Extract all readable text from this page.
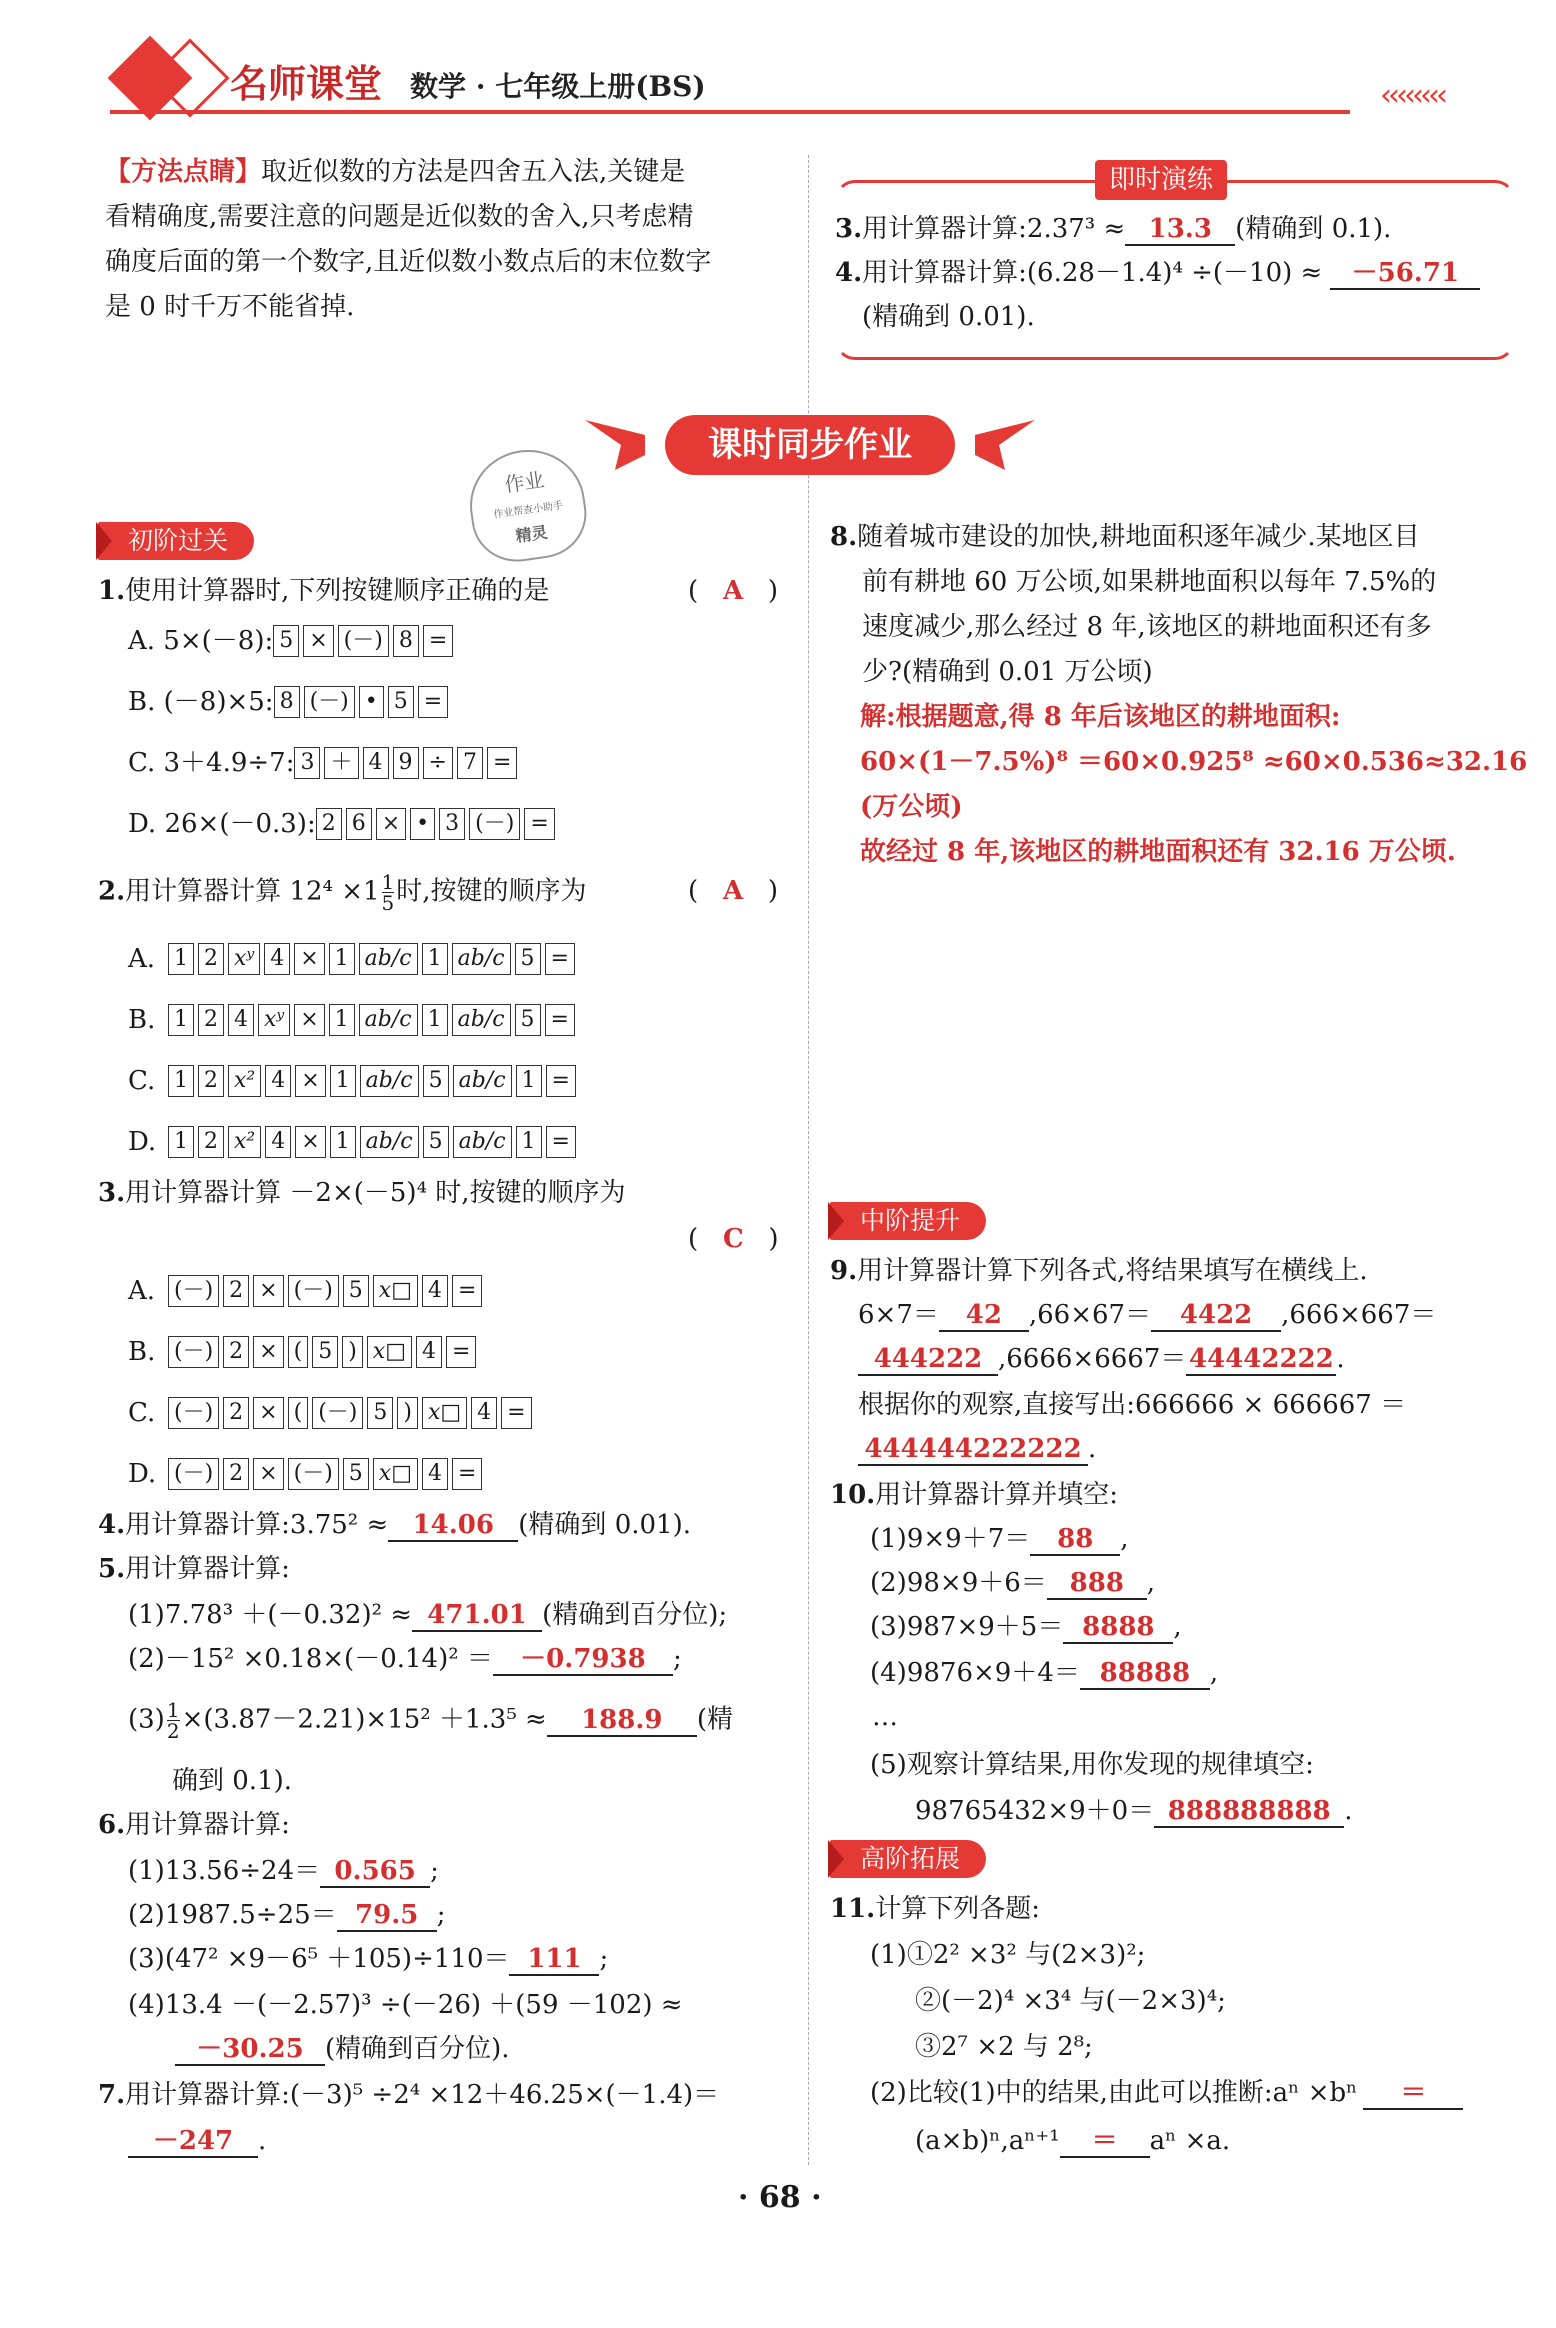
名师课堂 数学 · 七年级上册(BS)	‹‹‹‹‹‹‹‹
【方法点睛】取近似数的方法是四舍五入法,关键是
看精确度,需要注意的问题是近似数的舍入,只考虑精
确度后面的第一个数字,且近似数小数点后的末位数字
是 0 时千万不能省掉.
即时演练
3.用计算器计算:2.37³ ≈ 13.3 (精确到 0.1).
4.用计算器计算:(6.28－1.4)⁴ ÷(－10) ≈ －56.71
(精确到 0.01).
课时同步作业
作业
作业帮查小助手
精灵
初阶过关
1.使用计算器时,下列按键顺序正确的是	(   A   )
A. 5×(－8): 5 × (－) 8 =
B. (－8)×5: 8 (－) • 5 =
C. 3＋4.9÷7: 3 ＋ 4 9 ÷ 7 =
D. 26×(－0.3): 2 6 × • 3 (－) =
2.用计算器计算 $12^4 \times 1 \frac{1}{5}$ 时,按键的顺序为	(   A   )
A. 1 2 xʸ 4 × 1 ab/c 1 ab/c 5 =
B. 1 2 4 xʸ × 1 ab/c 1 ab/c 5 =
C. 1 2 x² 4 × 1 ab/c 5 ab/c 1 =
D. 1 2 x² 4 × 1 ab/c 5 ab/c 1 =
3.用计算器计算 －2×(－5)⁴ 时,按键的顺序为
(   C   )
A. (－) 2 × (－) 5 x□ 4 =
B. (－) 2 × ( 5 ) x□ 4 =
C. (－) 2 × ( (－) 5 ) x□ 4 =
D. (－) 2 × (－) 5 x□ 4 =
4.用计算器计算:3.75² ≈ 14.06 (精确到 0.01).
5.用计算器计算:
(1)7.78³ ＋(－0.32)² ≈ 471.01 (精确到百分位);
(2)－15² ×0.18×(－0.14)² ＝ －0.7938 ;
$(3) \frac{1}{2} \times(3.87-2.21)\times 15^2 +1.3^5 \approx 188.9$ (精
确到 0.1).
6.用计算器计算:
(1)13.56÷24＝ 0.565 ;
(2)1987.5÷25＝ 79.5 ;
(3)(47² ×9－6⁵ ＋105)÷110＝ 111 ;
(4)13.4 －(－2.57)³ ÷(－26) ＋(59 －102) ≈
－30.25 (精确到百分位).
7.用计算器计算:(－3)⁵ ÷2⁴ ×12＋46.25×(－1.4)＝
－247 .
8.随着城市建设的加快,耕地面积逐年减少.某地区目
前有耕地 60 万公顷,如果耕地面积以每年 7.5%的
速度减少,那么经过 8 年,该地区的耕地面积还有多
少?(精确到 0.01 万公顷)
解:根据题意,得 8 年后该地区的耕地面积:
60×(1－7.5%)⁸ ＝60×0.925⁸ ≈60×0.536≈32.16
(万公顷)
故经过 8 年,该地区的耕地面积还有 32.16 万公顷.
中阶提升
9.用计算器计算下列各式,将结果填写在横线上.
6×7＝ 42 ,66×67＝ 4422 ,666×667＝
444222 ,6666×6667＝ 44442222 .
根据你的观察,直接写出:666666 × 666667 ＝
444444222222 .
10.用计算器计算并填空:
(1)9×9＋7＝ 88 ,
(2)98×9＋6＝ 888 ,
(3)987×9＋5＝ 8888 ,
(4)9876×9＋4＝ 88888 ,
…
(5)观察计算结果,用你发现的规律填空:
98765432×9＋0＝ 888888888 .
高阶拓展
11.计算下列各题:
(1)①2² ×3² 与(2×3)²;
②(－2)⁴ ×3⁴ 与(－2×3)⁴;
③2⁷ ×2 与 2⁸;
(2)比较(1)中的结果,由此可以推断:aⁿ ×bⁿ ＝
(a×b)ⁿ,aⁿ⁺¹ ＝ aⁿ ×a.
· 68 ·
